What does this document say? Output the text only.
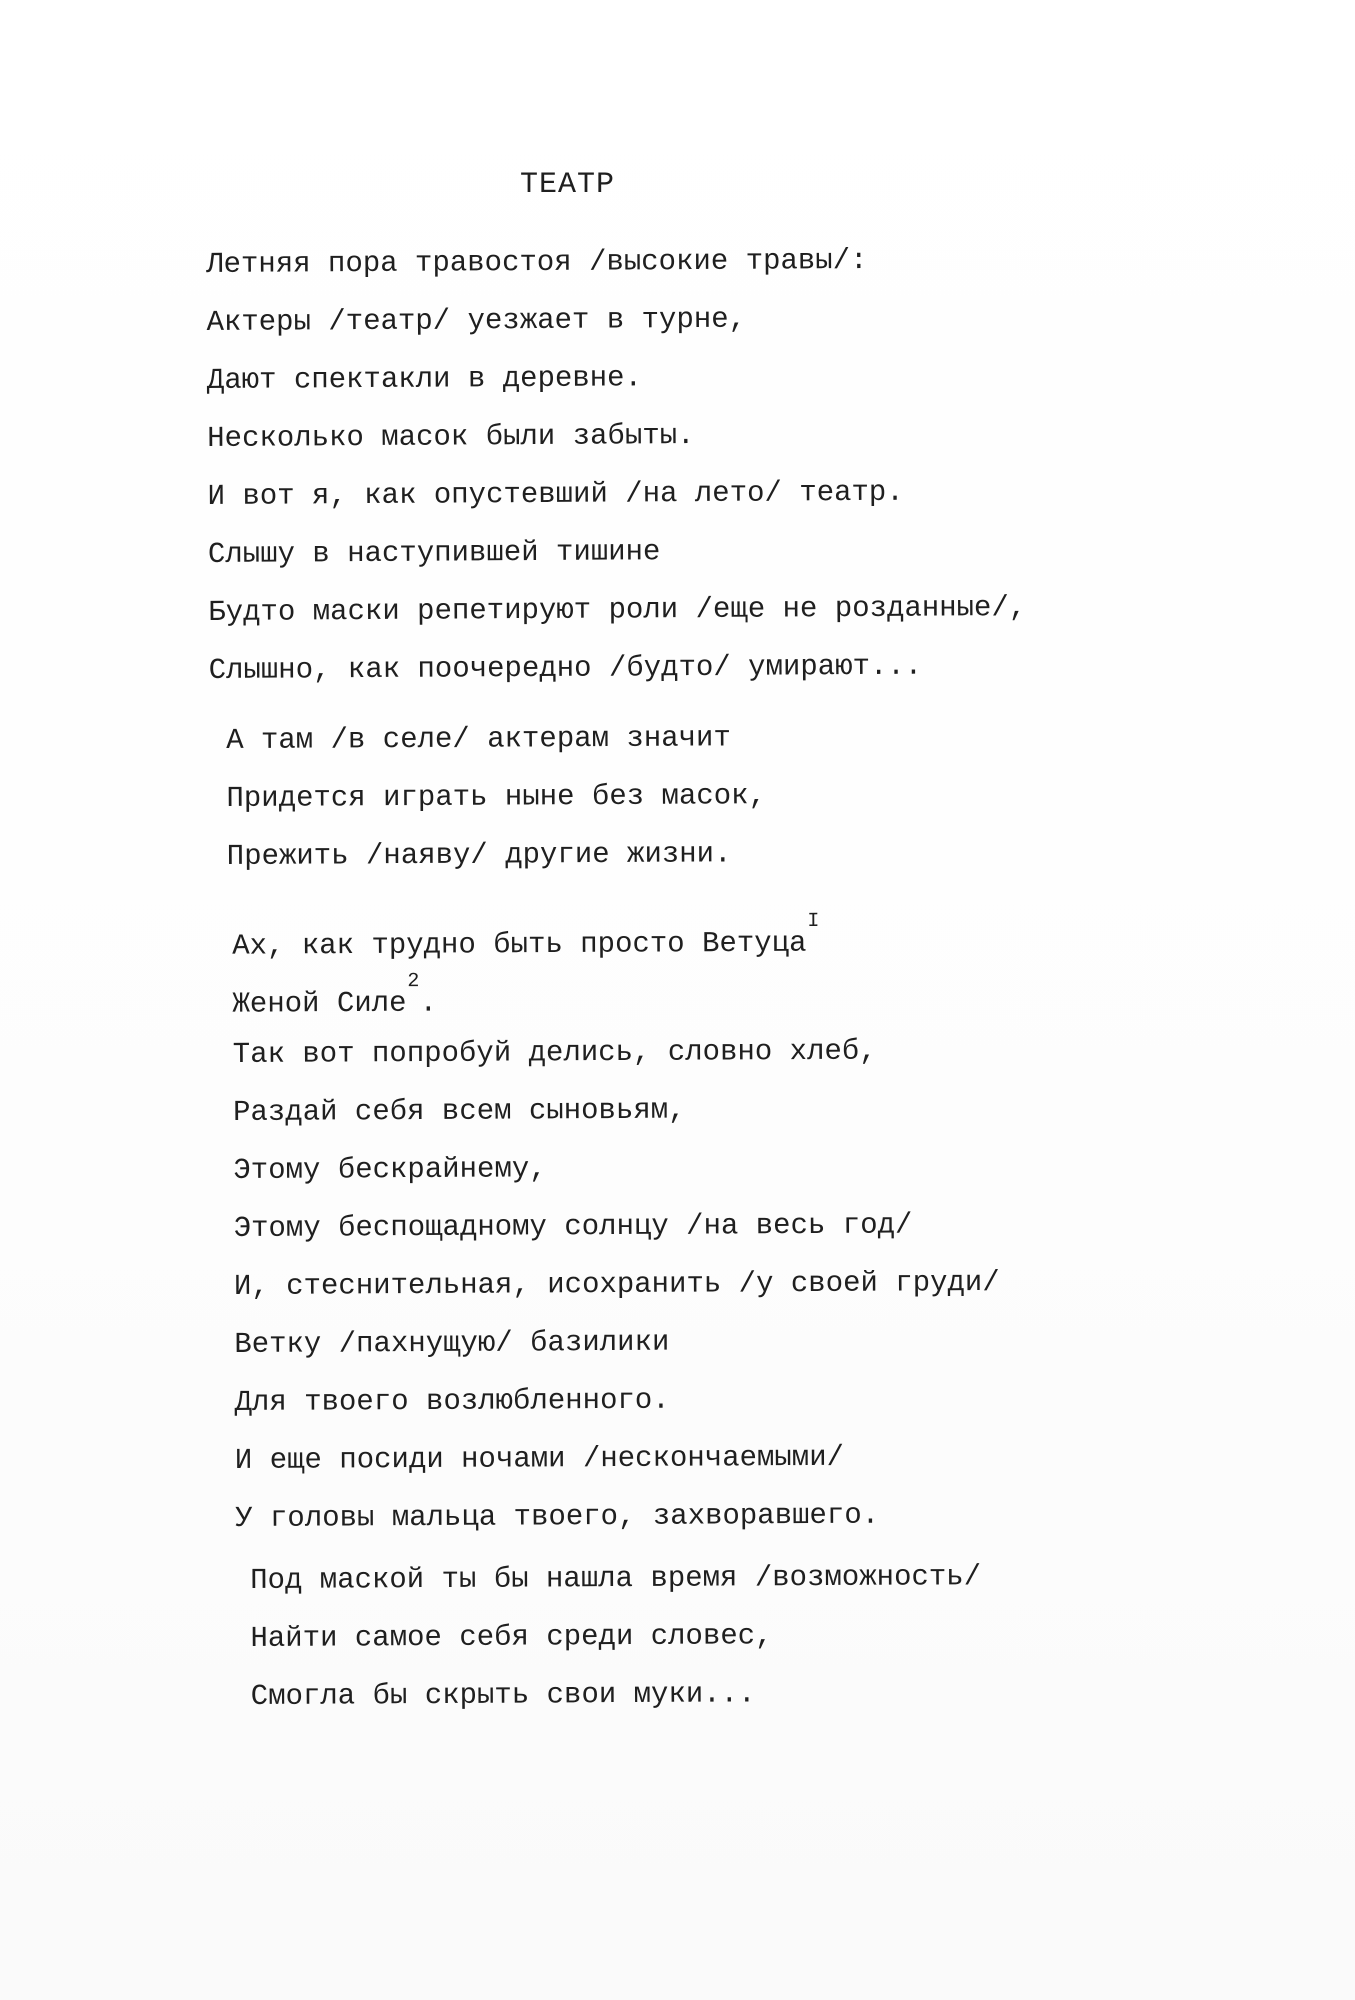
ТЕАТР
Летняя пора травостоя /высокие травы/:
Актеры /театр/ уезжает в турне,
Дают спектакли в деревне.
Несколько масок были забыты.
И вот я, как опустевший /на лето/ театр.
Слышу в наступившей тишине
Будто маски репетируют роли /еще не розданные/,
Слышно, как поочередно /будто/ умирают...
А там /в селе/ актерам значит
Придется играть ныне без масок,
Прежить /наяву/ другие жизни.
Ах, как трудно быть просто Ветуца$^I$
Женой Силе$^2$.
Так вот попробуй делись, словно хлеб,
Раздай себя всем сыновьям,
Этому бескрайнему,
Этому беспощадному солнцу /на весь год/
И, стеснительная, исохранить /у своей груди/
Ветку /пахнущую/ базилики
Для твоего возлюбленного.
И еще посиди ночами /нескончаемыми/
У головы мальца твоего, захворавшего.
Под маской ты бы нашла время /возможность/
Найти самое себя среди словес,
Смогла бы скрыть свои муки...
